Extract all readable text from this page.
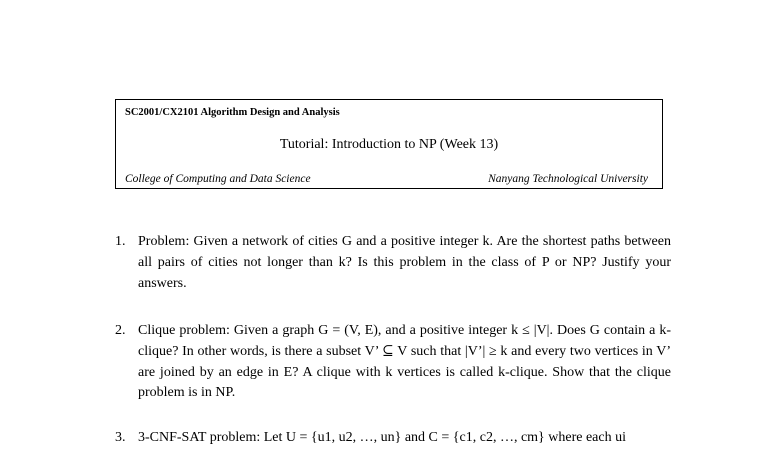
SC2001/CX2101 Algorithm Design and Analysis
Tutorial: Introduction to NP (Week 13)
College of Computing and Data Science	Nanyang Technological University
1. Problem: Given a network of cities G and a positive integer k. Are the shortest paths between all pairs of cities not longer than k? Is this problem in the class of P or NP? Justify your answers.
2. Clique problem: Given a graph G = (V, E), and a positive integer k ≤ |V|. Does G contain a k-clique? In other words, is there a subset V’ ⊆ V such that |V’| ≥ k and every two vertices in V’ are joined by an edge in E? A clique with k vertices is called k-clique. Show that the clique problem is in NP.
3. 3-CNF-SAT problem: Let U = {u1, u2, …, un} and C = {c1, c2, …, cm} where each ui
